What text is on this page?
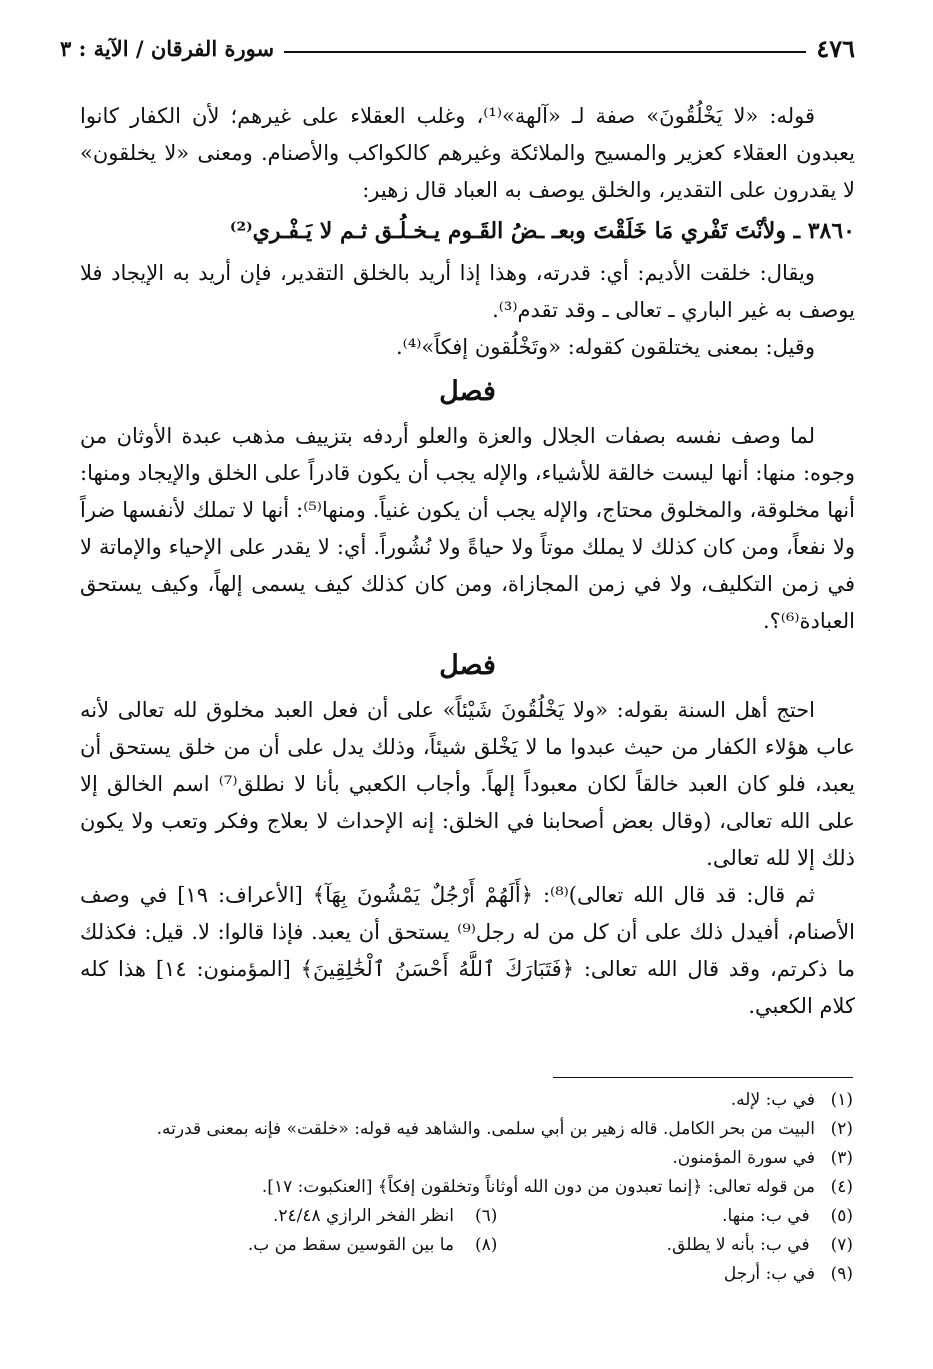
٤٧٦
سورة الفرقان / الآية : ٣

قوله: «لا يَخْلُقُونَ» صفة لـ «آلهة»⁽¹⁾، وغلب العقلاء على غيرهم؛ لأن الكفار كانوا يعبدون العقلاء كعزير والمسيح والملائكة وغيرهم كالكواكب والأصنام. ومعنى «لا يخلقون» لا يقدرون على التقدير، والخلق يوصف به العباد قال زهير:

٣٨٦٠ ـ ولأنْتَ تَفْري مَا خَلَقْتَ وبعـ ـضُ القَـوم يـخـلُـق ثـم لا يَـفْـري⁽²⁾

ويقال: خلقت الأديم: أي: قدرته، وهذا إذا أريد بالخلق التقدير، فإن أريد به الإيجاد فلا يوصف به غير الباري ـ تعالى ـ وقد تقدم⁽³⁾.

وقيل: بمعنى يختلقون كقوله: «وتَخْلُقون إفكاً»⁽⁴⁾.

فصل

لما وصف نفسه بصفات الجلال والعزة والعلو أردفه بتزييف مذهب عبدة الأوثان من وجوه: منها: أنها ليست خالقة للأشياء، والإله يجب أن يكون قادراً على الخلق والإيجاد ومنها: أنها مخلوقة، والمخلوق محتاج، والإله يجب أن يكون غنياً. ومنها⁽⁵⁾: أنها لا تملك لأنفسها ضراً ولا نفعاً، ومن كان كذلك لا يملك موتاً ولا حياةً ولا نُشُوراً. أي: لا يقدر على الإحياء والإماتة لا في زمن التكليف، ولا في زمن المجازاة، ومن كان كذلك كيف يسمى إلهاً، وكيف يستحق العبادة⁽⁶⁾؟.

فصل

احتج أهل السنة بقوله: «ولا يَخْلُقُونَ شَيْئاً» على أن فعل العبد مخلوق لله تعالى لأنه عاب هؤلاء الكفار من حيث عبدوا ما لا يَخْلق شيئاً، وذلك يدل على أن من خلق يستحق أن يعبد، فلو كان العبد خالقاً لكان معبوداً إلهاً. وأجاب الكعبي بأنا لا نطلق⁽⁷⁾ اسم الخالق إلا على الله تعالى، (وقال بعض أصحابنا في الخلق: إنه الإحداث لا بعلاج وفكر وتعب ولا يكون ذلك إلا لله تعالى.

ثم قال: قد قال الله تعالى)⁽⁸⁾: ﴿أَلَهُمْ أَرْجُلٌ يَمْشُونَ بِهَآ﴾ [الأعراف: ١٩] في وصف الأصنام، أفيدل ذلك على أن كل من له رجل⁽⁹⁾ يستحق أن يعبد. فإذا قالوا: لا. قيل: فكذلك ما ذكرتم، وقد قال الله تعالى: ﴿فَتَبَارَكَ ٱللَّهُ أَحْسَنُ ٱلْخَٰلِقِينَ﴾ [المؤمنون: ١٤] هذا كله كلام الكعبي.

(١)
في ب: لإله.
(٢)
البيت من بحر الكامل. قاله زهير بن أبي سلمى. والشاهد فيه قوله: «خلقت» فإنه بمعنى قدرته.
(٣)
في سورة المؤمنون.
(٤)
من قوله تعالى: ﴿إنما تعبدون من دون الله أوثاناً وتخلقون إفكاً﴾ [العنكبوت: ١٧].
(٥) في ب: منها.
(٦) انظر الفخر الرازي ٢٤/٤٨.
(٧) في ب: بأنه لا يطلق.
(٨) ما بين القوسين سقط من ب.
(٩)
في ب: أرجل
